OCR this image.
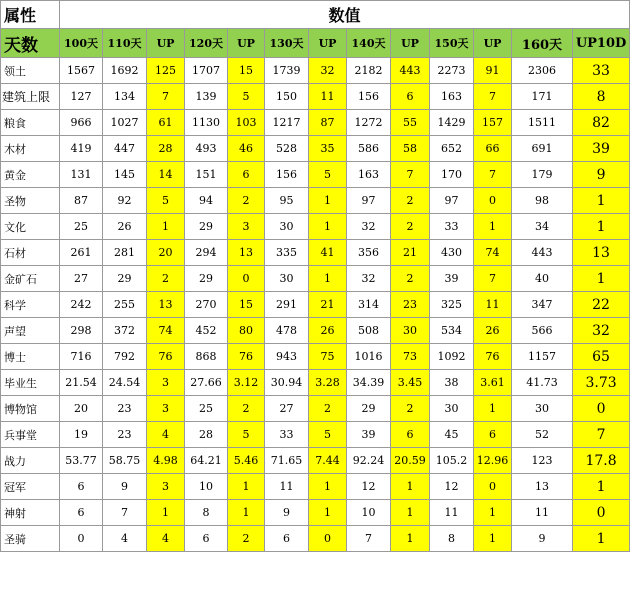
属性	数值												
天数	100天	110天	UP	120天	UP	130天	UP	140天	UP	150天	UP	160天	UP10D
领土	1567	1692	125	1707	15	1739	32	2182	443	2273	91	2306	33
建筑上限	127	134	7	139	5	150	11	156	6	163	7	171	8
粮食	966	1027	61	1130	103	1217	87	1272	55	1429	157	1511	82
木材	419	447	28	493	46	528	35	586	58	652	66	691	39
黄金	131	145	14	151	6	156	5	163	7	170	7	179	9
圣物	87	92	5	94	2	95	1	97	2	97	0	98	1
文化	25	26	1	29	3	30	1	32	2	33	1	34	1
石材	261	281	20	294	13	335	41	356	21	430	74	443	13
金矿石	27	29	2	29	0	30	1	32	2	39	7	40	1
科学	242	255	13	270	15	291	21	314	23	325	11	347	22
声望	298	372	74	452	80	478	26	508	30	534	26	566	32
博士	716	792	76	868	76	943	75	1016	73	1092	76	1157	65
毕业生	21.54	24.54	3	27.66	3.12	30.94	3.28	34.39	3.45	38	3.61	41.73	3.73
博物馆	20	23	3	25	2	27	2	29	2	30	1	30	0
兵事堂	19	23	4	28	5	33	5	39	6	45	6	52	7
战力	53.77	58.75	4.98	64.21	5.46	71.65	7.44	92.24	20.59	105.2	12.96	123	17.8
冠军	6	9	3	10	1	11	1	12	1	12	0	13	1
神射	6	7	1	8	1	9	1	10	1	11	1	11	0
圣骑	0	4	4	6	2	6	0	7	1	8	1	9	1
